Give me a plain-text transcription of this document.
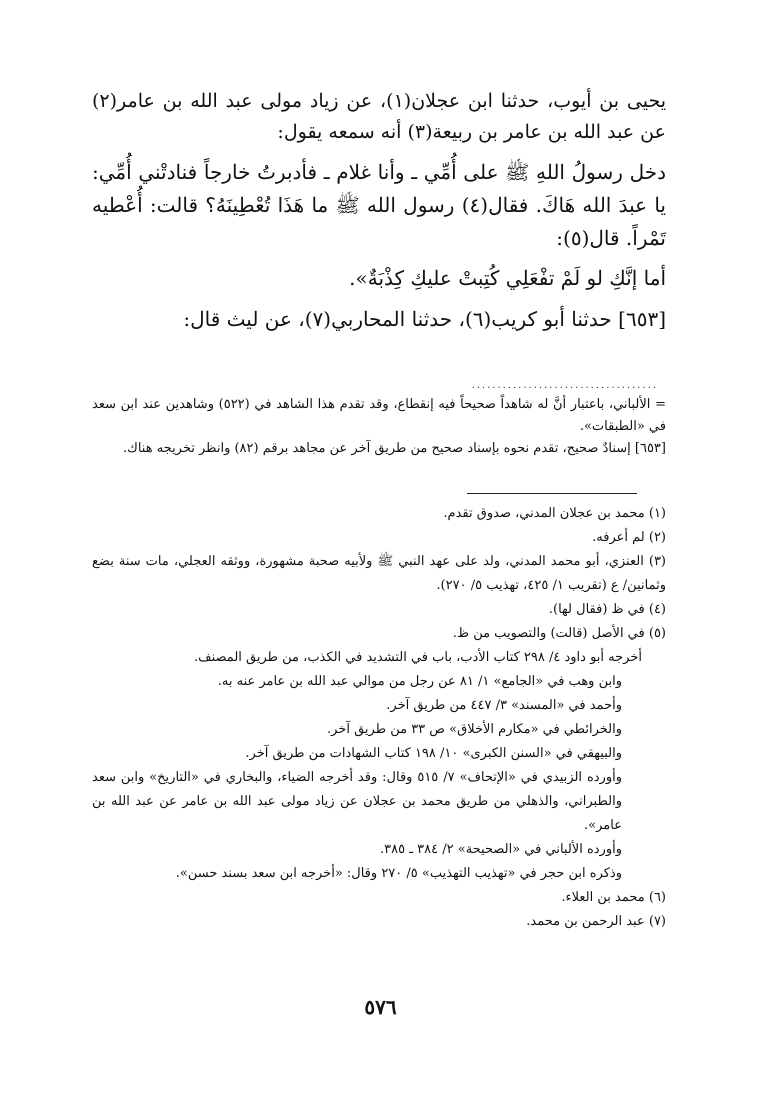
يحيى بن أيوب، حدثنا ابن عجلان(١)، عن زياد مولى عبد الله بن عامر(٢) عن عبد الله بن عامر بن ربيعة(٣) أنه سمعه يقول:

دخل رسولُ اللهِ ﷺ على أُمِّي ـ وأنا غلام ـ فأدبرتُ خارجاً فنادتْني أُمِّي: يا عبدَ الله هَاكَ. فقال(٤) رسول الله ﷺ ما هَذَا تُعْطِينَهُ؟ قالت: أُعْطيه تَمْراً. قال(٥):

أما إنَّكِ لو لَمْ تفْعَلِي كُتِبتْ عليكِ كِذْبَةٌ».

[٦٥٣] حدثنا أبو كريب(٦)، حدثنا المحاربي(٧)، عن ليث قال:

....................................

= الألباني، باعتبار أنَّ له شاهداً صحيحاً فيه إنقطاع، وقد تقدم هذا الشاهد في (٥٢٢) وشاهدين عند ابن سعد في «الطبقات».

[٦٥٣] إسنادٌ صحيح، تقدم نحوه بإسناد صحيح من طريق آخر عن مجاهد برقم (٨٢) وانظر تخريجه هناك.

(١) محمد بن عجلان المدني، صدوق تقدم.

(٢) لم أعرفه.

(٣) العنزي، أبو محمد المدني، ولد على عهد النبي ﷺ ولأبيه صحبة مشهورة، ووثقه العجلي، مات سنة بضع وثمانين/ ع (تقريب ١/ ٤٢٥، تهذيب ٥/ ٢٧٠).

(٤) في ظ (فقال لها).

(٥) في الأصل (قالت) والتصويب من ظ.

أخرجه أبو داود ٤/ ٢٩٨ كتاب الأدب، باب في التشديد في الكذب، من طريق المصنف.

وابن وهب في «الجامع» ١/ ٨١ عن رجل من موالي عبد الله بن عامر عنه به.

وأحمد في «المسند» ٣/ ٤٤٧ من طريق آخر.

والخرائطي في «مكارم الأخلاق» ص ٣٣ من طريق آخر.

والبيهقي في «السنن الكبرى» ١٠/ ١٩٨ كتاب الشهادات من طريق آخر.

وأورده الزبيدي في «الإتحاف» ٧/ ٥١٥ وقال: وقد أخرجه الضياء، والبخاري في «التاريخ» وابن سعد والطبراني، والذهلي من طريق محمد بن عجلان عن زياد مولى عبد الله بن عامر عن عبد الله بن عامر».

وأورده الألباني في «الصحيحة» ٢/ ٣٨٤ ـ ٣٨٥.

وذكره ابن حجر في «تهذيب التهذيب» ٥/ ٢٧٠ وقال: «أخرجه ابن سعد بسند حسن».

(٦) محمد بن العلاء.

(٧) عبد الرحمن بن محمد.

٥٧٦
